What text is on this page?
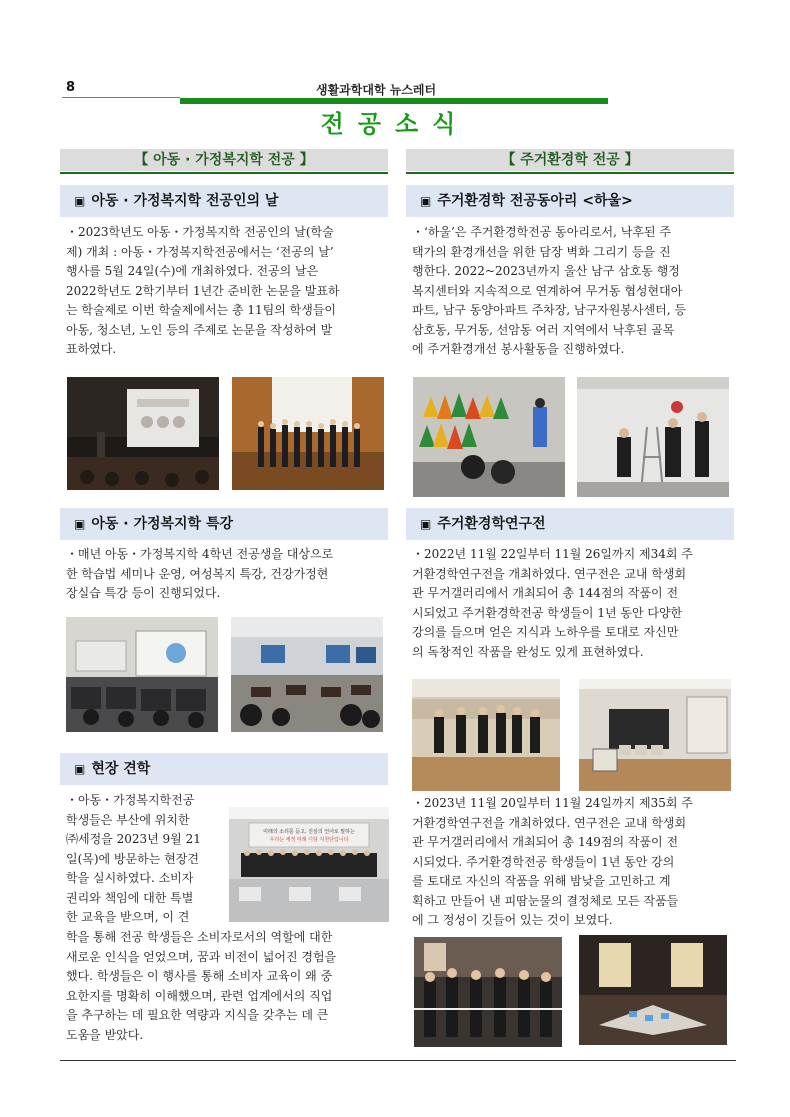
8	생활과학대학 뉴스레터
전공소식
【 아동 · 가정복지학 전공 】
▣ 아동 · 가정복지학 전공인의 날
・2023학년도 아동・가정복지학 전공인의 날(학술
제) 개최 : 아동・가정복지학전공에서는 ‘전공의 날’
행사를 5월 24일(수)에 개최하였다. 전공의 날은
2022학년도 2학기부터 1년간 준비한 논문을 발표하
는 학술제로 이번 학술제에서는 총 11팀의 학생들이
아동, 청소년, 노인 등의 주제로 논문을 작성하여 발
표하였다.
▣ 아동 · 가정복지학 특강
・매년 아동・가정복지학 4학년 전공생을 대상으로
한 학습법 세미나 운영, 여성복지 특강, 건강가정현
장실습 특강 등이 진행되었다.
▣ 현장 견학
・아동・가정복지학전공
학생들은 부산에 위치한
㈜세정을 2023년 9월 21
일(목)에 방문하는 현장견
학을 실시하였다. 소비자
권리와 책임에 대한 특별
한 교육을 받으며, 이 견
미래의 소리를 듣고, 진심의 언어로 말하는
우리는 세정 미래 디딤 지원단입니다
학을 통해 전공 학생들은 소비자로서의 역할에 대한
새로운 인식을 얻었으며, 꿈과 비전이 넓어진 경험을
했다. 학생들은 이 행사를 통해 소비자 교육이 왜 중
요한지를 명확히 이해했으며, 관련 업계에서의 직업
을 추구하는 데 필요한 역량과 지식을 갖추는 데 큰
도움을 받았다.
【 주거환경학 전공 】
▣ 주거환경학 전공동아리 <하울>
・‘하울’은 주거환경학전공 동아리로서, 낙후된 주
택가의 환경개선을 위한 담장 벽화 그리기 등을 진
행한다. 2022~2023년까지 울산 남구 삼호동 행정
복지센터와 지속적으로 연계하여 무거동 협성현대아
파트, 남구 동양아파트 주차장, 남구자원봉사센터, 등
삼호동, 무거동, 선암동 여러 지역에서 낙후된 골목
에 주거환경개선 봉사활동을 진행하였다.
▣ 주거환경학연구전
・2022년 11월 22일부터 11월 26일까지 제34회 주
거환경학연구전을 개최하였다. 연구전은 교내 학생회
관 무거갤러리에서 개최되어 총 144점의 작품이 전
시되었고 주거환경학전공 학생들이 1년 동안 다양한
강의를 들으며 얻은 지식과 노하우를 토대로 자신만
의 독창적인 작품을 완성도 있게 표현하였다.
・2023년 11월 20일부터 11월 24일까지 제35회 주
거환경학연구전을 개최하였다. 연구전은 교내 학생회
관 무거갤러리에서 개최되어 총 149점의 작품이 전
시되었다. 주거환경학전공 학생들이 1년 동안 강의
를 토대로 자신의 작품을 위해 밤낮을 고민하고 계
획하고 만들어 낸 피땀눈물의 결정체로 모든 작품들
에 그 정성이 깃들어 있는 것이 보였다.
